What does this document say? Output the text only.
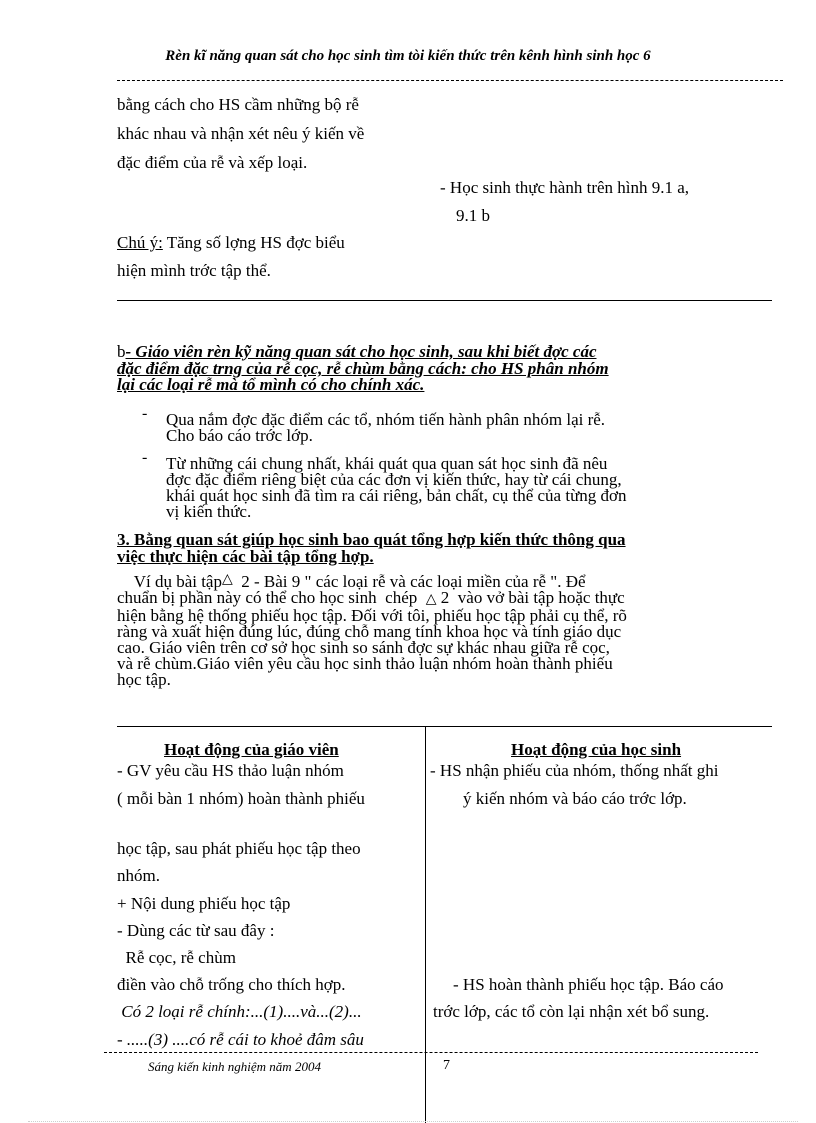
Rèn kĩ năng quan sát cho học sinh tìm tòi kiến thức trên kênh hình sinh học 6
bằng cách cho HS cầm những bộ rễ
khác nhau và nhận xét nêu ý kiến về
đặc điểm của rễ và xếp loại.
- Học sinh thực hành trên hình 9.1 a,
9.1 b
Chú ý: Tăng số lợng HS đợc biểu
hiện mình trớc tập thể.
b- Giáo viên rèn kỹ năng quan sát cho học sinh, sau khi biết đợc các
đặc điểm đặc trng của rễ cọc, rễ chùm bằng cách: cho HS phân nhóm
lại các loại rễ mà tổ mình có cho chính xác.
- Qua nắm đợc đặc điểm các tổ, nhóm tiến hành phân nhóm lại rễ.
Cho báo cáo trớc lớp.
- Từ những cái chung nhất, khái quát qua quan sát học sinh đã nêu
đợc đặc điểm riêng biệt của các đơn vị kiến thức, hay từ cái chung,
khái quát học sinh đã tìm ra cái riêng, bản chất, cụ thể của từng đơn
vị kiến thức.
3. Bằng quan sát giúp học sinh bao quát tổng hợp kiến thức thông qua
việc thực hiện các bài tập tổng hợp.
Ví dụ bài tập△  2 - Bài 9 " các loại rễ và các loại miền của rễ ". Để
chuẩn bị phần này có thể cho học sinh  chép  △ 2  vào vở bài tập hoặc thực
hiện bằng hệ thống phiếu học tập. Đối với tôi, phiếu học tập phải cụ thể, rõ
ràng và xuất hiện đúng lúc, đúng chỗ mang tính khoa học và tính giáo dục
cao. Giáo viên trên cơ sở học sinh so sánh đợc sự khác nhau giữa rễ cọc,
và rễ chùm.Giáo viên yêu cầu học sinh thảo luận nhóm hoàn thành phiếu
học tập.
Hoạt động của giáo viên	Hoạt động của học sinh
- GV yêu cầu HS thảo luận nhóm
( mỗi bàn 1 nhóm) hoàn thành phiếu
học tập, sau phát phiếu học tập theo
nhóm.
+ Nội dung phiếu học tập
- Dùng các từ sau đây :
Rễ cọc, rễ chùm
điền vào chỗ trống cho thích hợp.
Có 2 loại rễ chính:...(1)....và...(2)...
- .....(3) ....có rễ cái to khoẻ đâm sâu
- HS nhận phiếu của nhóm, thống nhất ghi
ý kiến nhóm và báo cáo trớc lớp.
- HS hoàn thành phiếu học tập. Báo cáo
trớc lớp, các tổ còn lại nhận xét bổ sung.
Sáng kiến kinh nghiệm năm 2004	7
